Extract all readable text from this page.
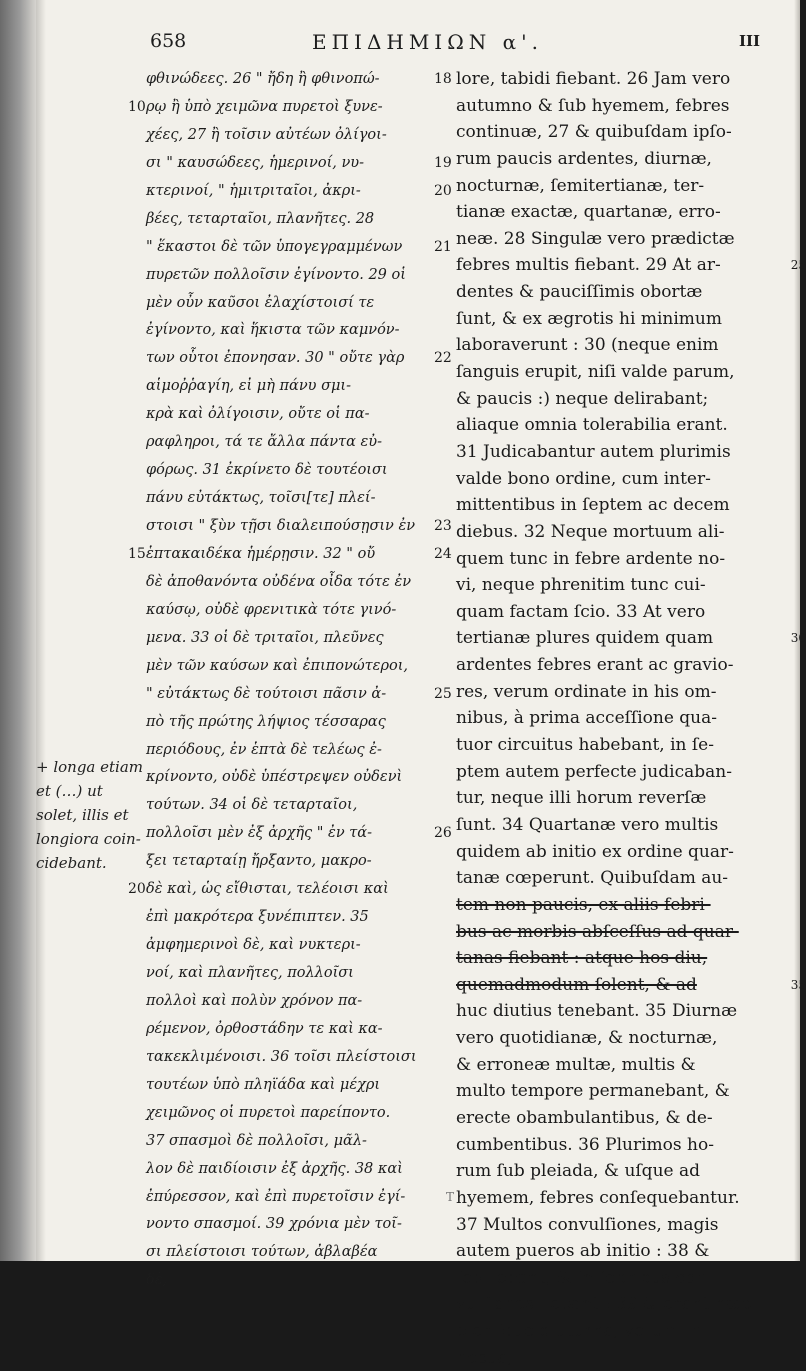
658	ΕΠΙΔΗΜΙΩΝ α'.	III
φθινώδεες. 26 " ἤδη ἢ φθινοπώ-	18
ρῳ ἢ ὑπὸ χειμῶνα πυρετοὶ ξυνε-
10
χέες, 27 ἢ τοῖσιν αὐτέων ὀλίγοι-
σι " καυσώδεες, ἡμερινοί, νυ-	19
κτερινοί, " ἡμιτριταῖοι, ἀκρι-	20
βέες, τεταρταῖοι, πλανῆτες. 28
" ἕκαστοι δὲ τῶν ὑπογεγραμμένων 21
πυρετῶν πολλοῖσιν ἐγίνοντο. 29 οἱ
μὲν οὖν καῦσοι ἐλαχίστοισί τε
ἐγίνοντο, καὶ ἥκιστα τῶν καμνόν-
των οὗτοι ἐπονησαν. 30 " οὔτε γὰρ 22
αἱμοῤῥαγίη, εἰ μὴ πάνυ σμι-
κρὰ καὶ ὀλίγοισιν, οὔτε οἱ πα-
ραφληροι, τά τε ἄλλα πάντα εὐ-
φόρως. 31 ἐκρίνετο δὲ τουτέοισι
πάνυ εὐτάκτως, τοῖσι[τε] πλεί-
στοισι " ξὺν τῇσι διαλειπούσῃσιν ἐν 23
ἑπτακαιδέκα ἡμέρῃσιν. 32 " οὔ
15	24
δὲ ἀποθανόντα οὐδένα οἶδα τότε ἐν
καύσῳ, οὐδὲ φρενιτικὰ τότε γινό-
μενα. 33 οἱ δὲ τριταῖοι, πλεῦνες
μὲν τῶν καύσων καὶ ἐπιπονώτεροι,
" εὐτάκτως δὲ τούτοισι πᾶσιν ἀ-	25
πὸ τῆς πρώτης λήψιος τέσσαρας
περιόδους, ἐν ἑπτὰ δὲ τελέως ἐ-
κρίνοντο, οὐδὲ ὑπέστρεψεν οὐδενὶ
τούτων. 34 οἱ δὲ τεταρταῖοι,
πολλοῖσι μὲν ἐξ ἀρχῆς " ἐν τά-	26
ξει τεταρταίῃ ἤρξαντο, μακρο-
δὲ καὶ, ὡς εἴθισται, τελέοισι καὶ
20
ἐπὶ μακρότερα ξυνέπιπτεν. 35
ἀμφημερινοὶ δὲ, καὶ νυκτερι-
νοί, καὶ πλανῆτες, πολλοῖσι
πολλοὶ καὶ πολὺν χρόνον πα-
ρέμενον, ὀρθοστάδην τε καὶ κα-
τακεκλιμένοισι. 36 τοῖσι πλείστοισι
τουτέων ὑπὸ πληϊάδα καὶ μέχρι
χειμῶνος οἱ πυρετοὶ παρείποντο.
37 σπασμοὶ δὲ πολλοῖσι, μᾶλ-
λον δὲ παιδίοισιν ἐξ ἀρχῆς. 38 καὶ
ἐπύρεσσον, καὶ ἐπὶ πυρετοῖσιν ἐγί-
νοντο σπασμοί. 39 χρόνια μὲν τοῖ-
σι πλείστοισι τούτων, ἀβλαβέα
δὲ,
lore, tabidi fiebant. 26 Jam vero
autumno & ſub hyemem, febres
continuæ, 27 & quibuſdam ipſo-
rum paucis ardentes, diurnæ,
nocturnæ, ſemitertianæ, ter-
tianæ exactæ, quartanæ, erro-
neæ. 28 Singulæ vero prædictæ
febres multis fiebant. 29 At ar-	25
dentes & pauciſſimis obortæ
ſunt, & ex ægrotis hi minimum
laboraverunt : 30 (neque enim
ſanguis erupit, niſi valde parum,
& paucis :) neque delirabant;
aliaque omnia tolerabilia erant.
31 Judicabantur autem plurimis
valde bono ordine, cum inter-
mittentibus in ſeptem ac decem
diebus. 32 Neque mortuum ali-
quem tunc in febre ardente no-
vi, neque phrenitim tunc cui-
quam factam ſcio. 33 At vero
tertianæ plures quidem quam	30
ardentes febres erant ac gravio-
res, verum ordinate in his om-
nibus, à prima acceſſione qua-
tuor circuitus habebant, in ſe-
ptem autem perfecte judicaban-
tur, neque illi horum reverſæ
ſunt. 34 Quartanæ vero multis
quidem ab initio ex ordine quar-
tanæ cœperunt. Quibuſdam au-
tem non paucis, ex aliis febri-
bus ac morbis abſceſſus ad quar-
tanas fiebant : atque hos diu,
quemadmodum ſolent, & ad	35
huc diutius tenebant. 35 Diurnæ
vero quotidianæ, & nocturnæ,
& erroneæ multæ, multis &
multo tempore permanebant, &
erecte obambulantibus, & de-
cumbentibus. 36 Plurimos ho-
rum ſub pleiada, & uſque ad
hyemem, febres conſequebantur.
37 Multos convulſiones, magis
autem pueros ab initio : 38 &
febriebant, & in febribus con-
vulſiones fiebant : 39 & erant hæc
pleriſque diuturna, verum in-
nocua,
+ longa etiam
et (…) ut
solet, illis et
longiora coin-
cidebant.
T
